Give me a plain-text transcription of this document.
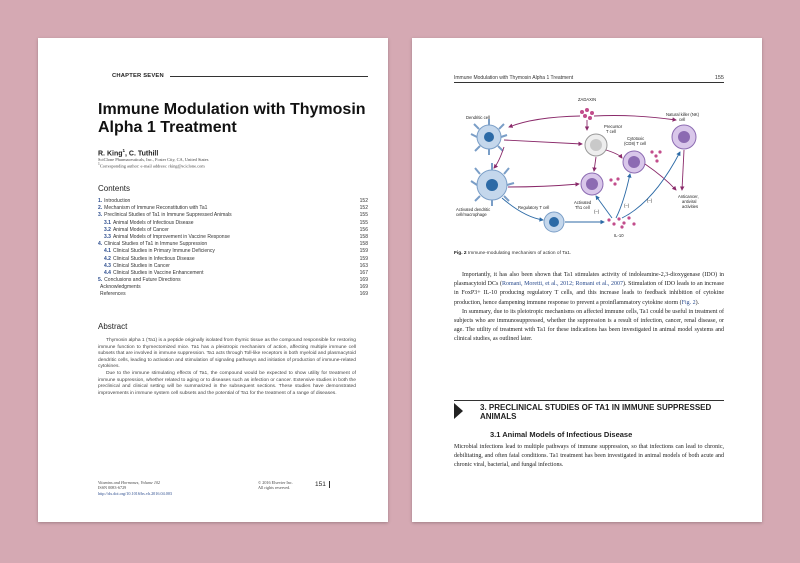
CHAPTER SEVEN
Immune Modulation with Thymosin Alpha 1 Treatment
R. King$^1$, C. Tuthill
SciClone Pharmaceuticals, Inc., Foster City, CA, United States
$^1$Corresponding author: e-mail address: rking@sciclone.com
Contents
1. Introduction	152
2. Mechanism of Immune Reconstitution with Ta1	152
3. Preclinical Studies of Ta1 in Immune Suppressed Animals	155
3.1 Animal Models of Infectious Disease	155
3.2 Animal Models of Cancer	156
3.3 Animal Models of Improvement in Vaccine Response	158
4. Clinical Studies of Ta1 in Immune Suppression	158
4.1 Clinical Studies in Primary Immune Deficiency	159
4.2 Clinical Studies in Infectious Disease	159
4.3 Clinical Studies in Cancer	163
4.4 Clinical Studies in Vaccine Enhancement	167
5. Conclusions and Future Directions	169
Acknowledgments	169
References	169
Abstract

Thymosin alpha 1 (Ta1) is a peptide originally isolated from thymic tissue as the compound responsible for restoring immune function to thymectomized mice. Ta1 has a pleiotropic mechanism of action, affecting multiple immune cell subsets that are involved in immune suppression. Ta1 acts through Toll-like receptors in both myeloid and plasmacytoid dendritic cells, leading to activation and stimulation of signaling pathways and initiation of production of immune-related cytokines.

Due to the immune stimulating effects of Ta1, the compound would be expected to show utility for treatment of immune suppression, whether related to aging or to diseases such as infection or cancer. Extensive studies in both the preclinical and clinical setting will be summarized in the subsequent sections. These studies have demonstrated improvements in immune system cell subsets and the potential of Ta1 for the treatment of a range of diseases.

Vitamins and Hormones, Volume 102
ISSN 0083-6729
http://dx.doi.org/10.1016/bs.vh.2016.04.003
© 2016 Elsevier Inc.
All rights reserved.	151
Immune Modulation with Thymosin Alpha 1 Treatment	155
ZADAXIN
Dendritic cell
Precursor
T cell
Cytotoxic
(CD8) T cell
Natural killer (NK)
cell
Activated
Th1 cell
Activated dendritic
cell/macrophage
Regulatory T cell
IL-10
Anticancer,
antiviral
activities
(–)
(–)
(–)
Fig. 2 Immune-modulating mechanism of action of Ta1.

Importantly, it has also been shown that Ta1 stimulates activity of indoleamine-2,3-dioxygenase (IDO) in plasmacytoid DCs (Romani, Moretti, et al., 2012; Romani et al., 2007). Stimulation of IDO leads to an increase in FoxP3+ IL-10 producing regulatory T cells, and this increase leads to feedback inhibition of cytokine production, hence dampening immune response to prevent a proinflammatory cytokine storm (Fig. 2).

In summary, due to its pleiotropic mechanisms on affected immune cells, Ta1 could be useful in treatment of subjects who are immunosuppressed, whether the suppression is a result of infection, cancer, renal disease, or age. The utility of treatment with Ta1 for these indications has been investigated in animal model systems and clinical studies, as outlined later.

3. PRECLINICAL STUDIES OF TA1 IN IMMUNE SUPPRESSED ANIMALS
3.1 Animal Models of Infectious Disease

Microbial infections lead to multiple pathways of immune suppression, so that infections can lead to chronic, debilitating, and often fatal conditions. Ta1 treatment has been investigated in animal models of both acute and chronic viral, bacterial, and fungal infections.
